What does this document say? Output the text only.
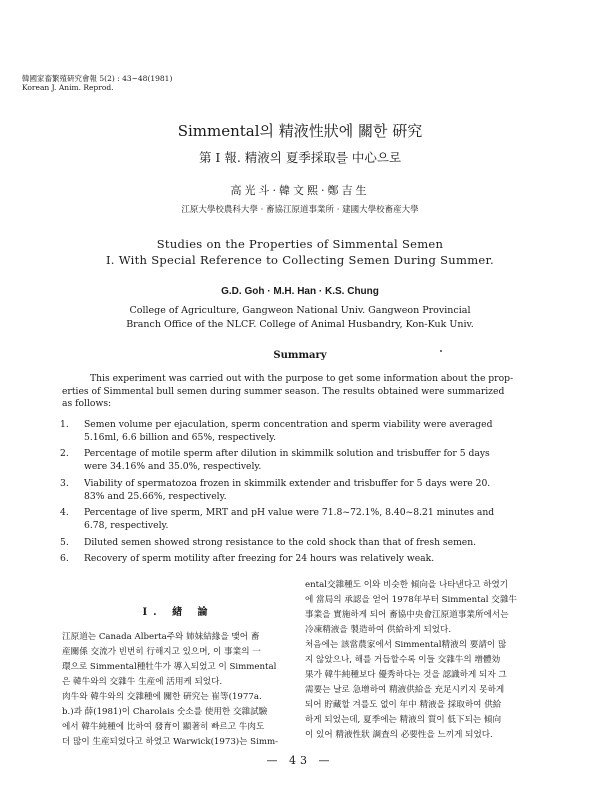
韓國家畜繁殖硏究會報 5(2) : 43~48(1981)
Korean J. Anim. Reprod.
Simmental의 精液性狀에 關한 硏究
第 I 報. 精液의 夏季採取를 中心으로
高光斗·韓文熙·鄭吉生
江原大學校農科大學 · 畜協江原道事業所 · 建國大學校畜産大學
Studies on the Properties of Simmental Semen
I. With Special Reference to Collecting Semen During Summer.
G.D. Goh · M.H. Han · K.S. Chung
College of Agriculture, Gangweon National Univ. Gangweon Provincial
Branch Office of the NLCF. College of Animal Husbandry, Kon-Kuk Univ.
Summary
This experiment was carried out with the purpose to get some information about the prop-
erties of Simmental bull semen during summer season. The results obtained were summarized
as follows:
1. Semen volume per ejaculation, sperm concentration and sperm viability were averaged
5.16ml, 6.6 billion and 65%, respectively.
2. Percentage of motile sperm after dilution in skimmilk solution and trisbuffer for 5 days
were 34.16% and 35.0%, respectively.
3. Viability of spermatozoa frozen in skimmilk extender and trisbuffer for 5 days were 20.
83% and 25.66%, respectively.
4. Percentage of live sperm, MRT and pH value were 71.8~72.1%, 8.40~8.21 minutes and
6.78, respectively.
5. Diluted semen showed strong resistance to the cold shock than that of fresh semen.
6. Recovery of sperm motility after freezing for 24 hours was relatively weak.
I. 緖 論
江原道는 Canada Alberta주와 姉妹結緣을 맺어 畜
産關係 交流가 빈번히 行해지고 있으며, 이 事業의 一
環으로 Simmental種牡牛가 導入되었고 이 Simmental
은 韓牛와의 交雜牛 生産에 活用케 되었다.
肉牛와 韓牛와의 交雜種에 關한 硏究는 崔等(1977a.
b.)과 薛(1981)이 Charolais 숫소를 使用한 交雜試驗
에서 韓牛純種에 比하여 發育이 顯著히 빠르고 牛肉도
더 많이 生産되었다고 하였고 Warwick(1973)는 Simm-
ental交雜種도 이와 비슷한 傾向을 나타낸다고 하였기
에 當局의 承認을 얻어 1978年부터 Simmental 交雜牛
事業을 實施하게 되어 畜協中央會江原道事業所에서는
冷凍精液을 製造하여 供給하게 되었다.
처음에는 該當農家에서 Simmental精液의 要請이 많
지 않았으나, 해를 거듭할수록 이들 交雜牛의 增體効
果가 韓牛純種보다 優秀하다는 것을 認識하게 되자 그
需要는 날로 急增하여 精液供給을 充足시키지 못하게
되어 貯藏할 겨를도 없이 年中 精液을 採取하여 供給
하게 되었는데, 夏季에는 精液의 質이 低下되는 傾向
이 있어 精液性狀 調査의 必要性을 느끼게 되었다.
— 43 —
